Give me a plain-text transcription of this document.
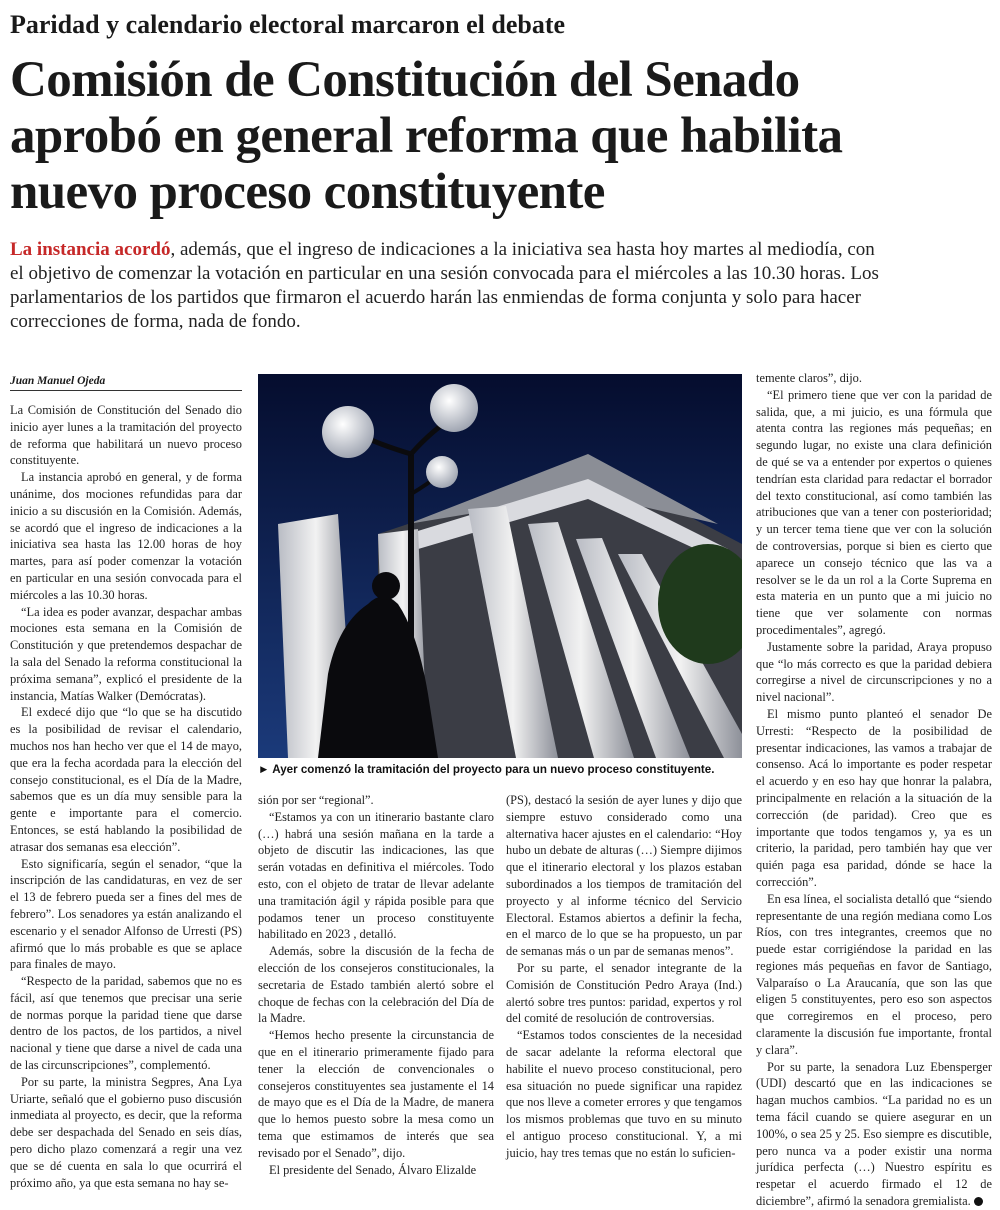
Paridad y calendario electoral marcaron el debate
Comisión de Constitución del Senado
aprobó en general reforma que habilita
nuevo proceso constituyente
La instancia acordó, además, que el ingreso de indicaciones a la iniciativa sea hasta hoy martes al mediodía, con
el objetivo de comenzar la votación en particular en una sesión convocada para el miércoles a las 10.30 horas. Los
parlamentarios de los partidos que firmaron el acuerdo harán las enmiendas de forma conjunta y solo para hacer
correcciones de forma, nada de fondo.
Juan Manuel Ojeda

La Comisión de Constitución del Senado dio inicio ayer lunes a la tramitación del proyecto de reforma que habilitará un nuevo proceso constituyente.

La instancia aprobó en general, y de forma unánime, dos mociones refundidas para dar inicio a su discusión en la Comisión. Además, se acordó que el ingreso de indicaciones a la iniciativa sea hasta las 12.00 horas de hoy martes, para así poder comenzar la votación en particular en una sesión convocada para el miércoles a las 10.30 horas.

“La idea es poder avanzar, despachar ambas mociones esta semana en la Comisión de Constitución y que pretendemos despachar de la sala del Senado la reforma constitucional la próxima semana”, explicó el presidente de la instancia, Matías Walker (Demócratas).

El exdecé dijo que “lo que se ha discutido es la posibilidad de revisar el calendario, muchos nos han hecho ver que el 14 de mayo, que era la fecha acordada para la elección del consejo constitucional, es el Día de la Madre, sabemos que es un día muy sensible para la gente e importante para el comercio. Entonces, se está hablando la posibilidad de atrasar dos semanas esa elección”.

Esto significaría, según el senador, “que la inscripción de las candidaturas, en vez de ser el 13 de febrero pueda ser a fines del mes de febrero”. Los senadores ya están analizando el escenario y el senador Alfonso de Urresti (PS) afirmó que lo más probable es que se aplace para finales de mayo.

“Respecto de la paridad, sabemos que no es fácil, así que tenemos que precisar una serie de normas porque la paridad tiene que darse dentro de los pactos, de los partidos, a nivel nacional y tiene que darse a nivel de cada una de las circunscripciones”, complementó.

Por su parte, la ministra Segpres, Ana Lya Uriarte, señaló que el gobierno puso discusión inmediata al proyecto, es decir, que la reforma debe ser despachada del Senado en seis días, pero dicho plazo comenzará a regir una vez que se dé cuenta en sala lo que ocurrirá el próximo año, ya que esta semana no hay se-

► Ayer comenzó la tramitación del proyecto para un nuevo proceso constituyente.

sión por ser “regional”.

“Estamos ya con un itinerario bastante claro (…) habrá una sesión mañana en la tarde a objeto de discutir las indicaciones, las que serán votadas en definitiva el miércoles. Todo esto, con el objeto de tratar de llevar adelante una tramitación ágil y rápida posible para que podamos tener un proceso constituyente habilitado en 2023 , detalló.

Además, sobre la discusión de la fecha de elección de los consejeros constitucionales, la secretaria de Estado también alertó sobre el choque de fechas con la celebración del Día de la Madre.

“Hemos hecho presente la circunstancia de que en el itinerario primeramente fijado para tener la elección de convencionales o consejeros constituyentes sea justamente el 14 de mayo que es el Día de la Madre, de manera que lo hemos puesto sobre la mesa como un tema que estimamos de interés que sea revisado por el Senado”, dijo.

El presidente del Senado, Álvaro Elizalde

(PS), destacó la sesión de ayer lunes y dijo que siempre estuvo considerado como una alternativa hacer ajustes en el calendario: “Hoy hubo un debate de alturas (…) Siempre dijimos que el itinerario electoral y los plazos estaban subordinados a los tiempos de tramitación del proyecto y al informe técnico del Servicio Electoral. Estamos abiertos a definir la fecha, en el marco de lo que se ha propuesto, un par de semanas más o un par de semanas menos”.

Por su parte, el senador integrante de la Comisión de Constitución Pedro Araya (Ind.) alertó sobre tres puntos: paridad, expertos y rol del comité de resolución de controversias.

“Estamos todos conscientes de la necesidad de sacar adelante la reforma electoral que habilite el nuevo proceso constitucional, pero esa situación no puede significar una rapidez que nos lleve a cometer errores y que tengamos los mismos problemas que tuvo en su minuto el antiguo proceso constitucional. Y, a mi juicio, hay tres temas que no están lo suficien-

temente claros”, dijo.

“El primero tiene que ver con la paridad de salida, que, a mi juicio, es una fórmula que atenta contra las regiones más pequeñas; en segundo lugar, no existe una clara definición de qué se va a entender por expertos o quienes tendrían esta claridad para redactar el borrador del texto constitucional, así como también las atribuciones que van a tener con posterioridad; y un tercer tema tiene que ver con la solución de controversias, porque si bien es cierto que aparece un consejo técnico que las va a resolver se le da un rol a la Corte Suprema en esta materia en un punto que a mi juicio no tiene que ver solamente con normas procedimentales”, agregó.

Justamente sobre la paridad, Araya propuso que “lo más correcto es que la paridad debiera corregirse a nivel de circunscripciones y no a nivel nacional”.

El mismo punto planteó el senador De Urresti: “Respecto de la posibilidad de presentar indicaciones, las vamos a trabajar de consenso. Acá lo importante es poder respetar el acuerdo y en eso hay que honrar la palabra, principalmente en relación a la situación de la corrección (de paridad). Creo que es importante que todos tengamos y, ya es un criterio, la paridad, pero también hay que ver quién paga esa paridad, dónde se hace la corrección”.

En esa línea, el socialista detalló que “siendo representante de una región mediana como Los Ríos, con tres integrantes, creemos que no puede estar corrigiéndose la paridad en las regiones más pequeñas en favor de Santiago, Valparaíso o La Araucanía, que son las que eligen 5 constituyentes, pero eso son aspectos que corregiremos en el proceso, pero claramente la discusión fue importante, frontal y clara”.

Por su parte, la senadora Luz Ebensperger (UDI) descartó que en las indicaciones se hagan muchos cambios. “La paridad no es un tema fácil cuando se quiere asegurar en un 100%, o sea 25 y 25. Eso siempre es discutible, pero nunca va a poder existir una norma jurídica perfecta (…) Nuestro espíritu es respetar el acuerdo firmado el 12 de diciembre”, afirmó la senadora gremialista.
